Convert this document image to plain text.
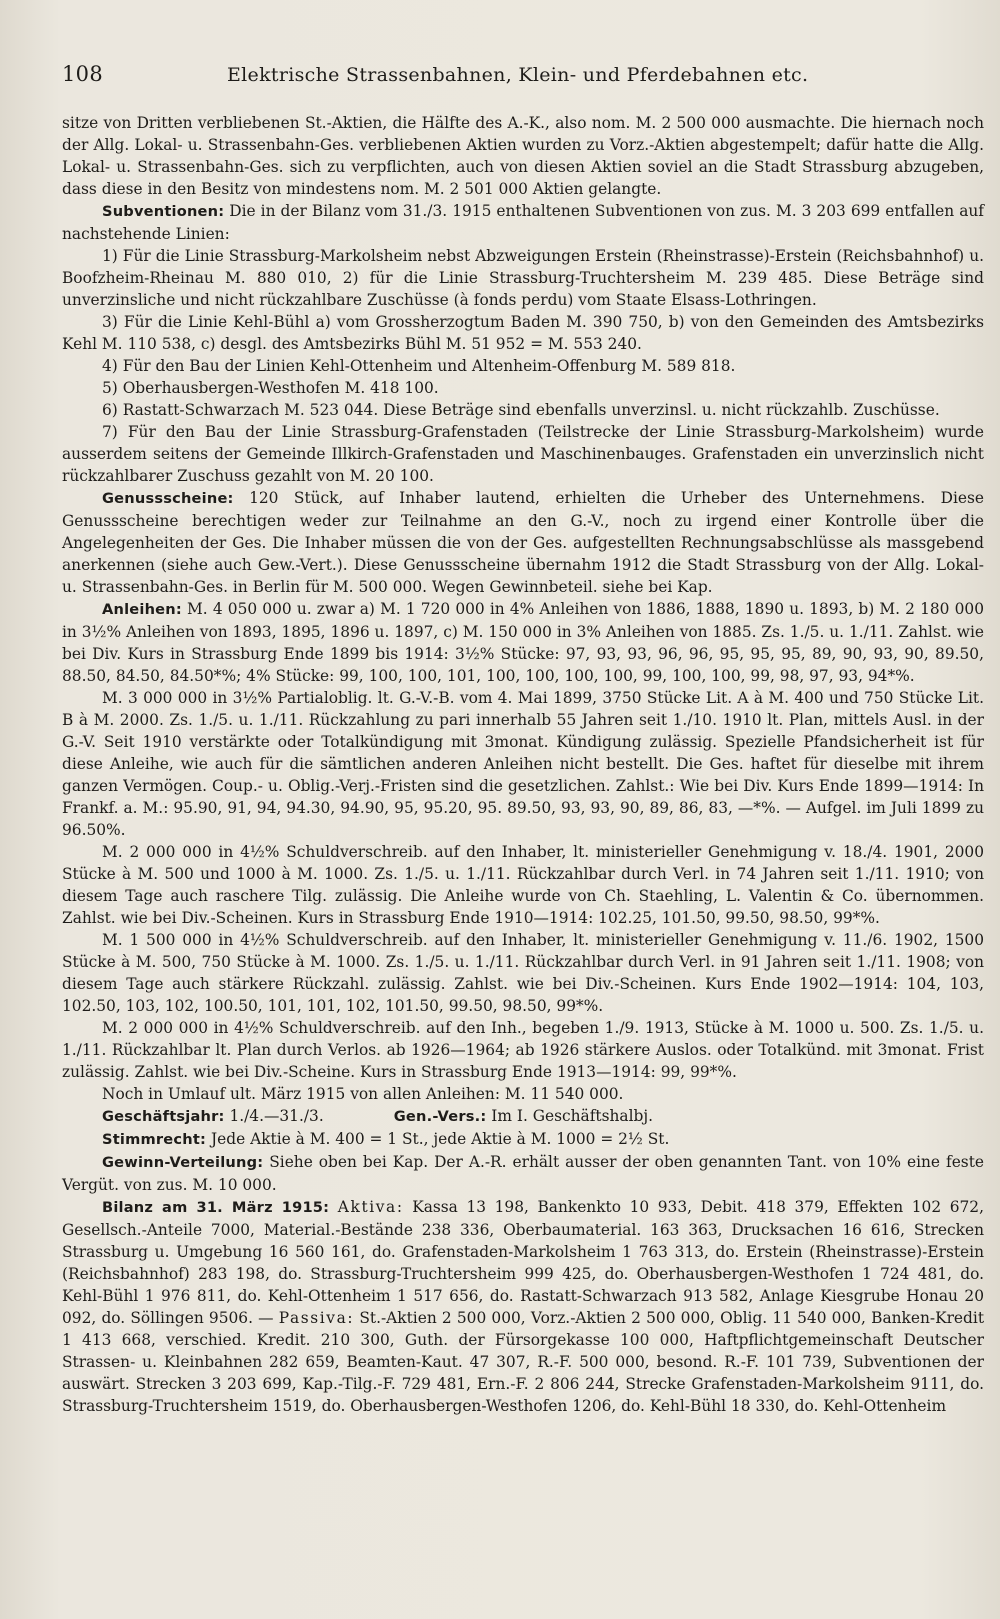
108	Elektrische Strassenbahnen, Klein- und Pferdebahnen etc.

sitze von Dritten verbliebenen St.-Aktien, die Hälfte des A.-K., also nom. M. 2 500 000 ausmachte. Die hiernach noch der Allg. Lokal- u. Strassenbahn-Ges. verbliebenen Aktien wurden zu Vorz.-Aktien abgestempelt; dafür hatte die Allg. Lokal- u. Strassenbahn-Ges. sich zu verpflichten, auch von diesen Aktien soviel an die Stadt Strassburg abzugeben, dass diese in den Besitz von mindestens nom. M. 2 501 000 Aktien gelangte.

Subventionen: Die in der Bilanz vom 31./3. 1915 enthaltenen Subventionen von zus. M. 3 203 699 entfallen auf nachstehende Linien:

1) Für die Linie Strassburg-Markolsheim nebst Abzweigungen Erstein (Rheinstrasse)-Erstein (Reichsbahnhof) u. Boofzheim-Rheinau M. 880 010, 2) für die Linie Strassburg-Truchtersheim M. 239 485. Diese Beträge sind unverzinsliche und nicht rückzahlbare Zuschüsse (à fonds perdu) vom Staate Elsass-Lothringen.

3) Für die Linie Kehl-Bühl a) vom Grossherzogtum Baden M. 390 750, b) von den Gemeinden des Amtsbezirks Kehl M. 110 538, c) desgl. des Amtsbezirks Bühl M. 51 952 = M. 553 240.

4) Für den Bau der Linien Kehl-Ottenheim und Altenheim-Offenburg M. 589 818.

5) Oberhausbergen-Westhofen M. 418 100.

6) Rastatt-Schwarzach M. 523 044. Diese Beträge sind ebenfalls unverzinsl. u. nicht rückzahlb. Zuschüsse.

7) Für den Bau der Linie Strassburg-Grafenstaden (Teilstrecke der Linie Strassburg-Markolsheim) wurde ausserdem seitens der Gemeinde Illkirch-Grafenstaden und Maschinenbauges. Grafenstaden ein unverzinslich nicht rückzahlbarer Zuschuss gezahlt von M. 20 100.

Genussscheine: 120 Stück, auf Inhaber lautend, erhielten die Urheber des Unternehmens. Diese Genussscheine berechtigen weder zur Teilnahme an den G.-V., noch zu irgend einer Kontrolle über die Angelegenheiten der Ges. Die Inhaber müssen die von der Ges. aufgestellten Rechnungsabschlüsse als massgebend anerkennen (siehe auch Gew.-Vert.). Diese Genussscheine übernahm 1912 die Stadt Strassburg von der Allg. Lokal- u. Strassenbahn-Ges. in Berlin für M. 500 000. Wegen Gewinnbeteil. siehe bei Kap.

Anleihen: M. 4 050 000 u. zwar a) M. 1 720 000 in 4% Anleihen von 1886, 1888, 1890 u. 1893, b) M. 2 180 000 in 3½% Anleihen von 1893, 1895, 1896 u. 1897, c) M. 150 000 in 3% Anleihen von 1885. Zs. 1./5. u. 1./11. Zahlst. wie bei Div. Kurs in Strassburg Ende 1899 bis 1914: 3½% Stücke: 97, 93, 93, 96, 96, 95, 95, 95, 89, 90, 93, 90, 89.50, 88.50, 84.50, 84.50*%; 4% Stücke: 99, 100, 100, 101, 100, 100, 100, 100, 99, 100, 100, 99, 98, 97, 93, 94*%.

M. 3 000 000 in 3½% Partialoblig. lt. G.-V.-B. vom 4. Mai 1899, 3750 Stücke Lit. A à M. 400 und 750 Stücke Lit. B à M. 2000. Zs. 1./5. u. 1./11. Rückzahlung zu pari innerhalb 55 Jahren seit 1./10. 1910 lt. Plan, mittels Ausl. in der G.-V. Seit 1910 verstärkte oder Totalkündigung mit 3monat. Kündigung zulässig. Spezielle Pfandsicherheit ist für diese Anleihe, wie auch für die sämtlichen anderen Anleihen nicht bestellt. Die Ges. haftet für dieselbe mit ihrem ganzen Vermögen. Coup.- u. Oblig.-Verj.-Fristen sind die gesetzlichen. Zahlst.: Wie bei Div. Kurs Ende 1899—1914: In Frankf. a. M.: 95.90, 91, 94, 94.30, 94.90, 95, 95.20, 95. 89.50, 93, 93, 90, 89, 86, 83, —*%. — Aufgel. im Juli 1899 zu 96.50%.

M. 2 000 000 in 4½% Schuldverschreib. auf den Inhaber, lt. ministerieller Genehmigung v. 18./4. 1901, 2000 Stücke à M. 500 und 1000 à M. 1000. Zs. 1./5. u. 1./11. Rückzahlbar durch Verl. in 74 Jahren seit 1./11. 1910; von diesem Tage auch raschere Tilg. zulässig. Die Anleihe wurde von Ch. Staehling, L. Valentin & Co. übernommen. Zahlst. wie bei Div.-Scheinen. Kurs in Strassburg Ende 1910—1914: 102.25, 101.50, 99.50, 98.50, 99*%.

M. 1 500 000 in 4½% Schuldverschreib. auf den Inhaber, lt. ministerieller Genehmigung v. 11./6. 1902, 1500 Stücke à M. 500, 750 Stücke à M. 1000. Zs. 1./5. u. 1./11. Rückzahlbar durch Verl. in 91 Jahren seit 1./11. 1908; von diesem Tage auch stärkere Rückzahl. zulässig. Zahlst. wie bei Div.-Scheinen. Kurs Ende 1902—1914: 104, 103, 102.50, 103, 102, 100.50, 101, 101, 102, 101.50, 99.50, 98.50, 99*%.

M. 2 000 000 in 4½% Schuldverschreib. auf den Inh., begeben 1./9. 1913, Stücke à M. 1000 u. 500. Zs. 1./5. u. 1./11. Rückzahlbar lt. Plan durch Verlos. ab 1926—1964; ab 1926 stärkere Auslos. oder Totalkünd. mit 3monat. Frist zulässig. Zahlst. wie bei Div.-Scheine. Kurs in Strassburg Ende 1913—1914: 99, 99*%.

Noch in Umlauf ult. März 1915 von allen Anleihen: M. 11 540 000.

Geschäftsjahr: 1./4.—31./3.	Gen.-Vers.: Im I. Geschäftshalbj.

Stimmrecht: Jede Aktie à M. 400 = 1 St., jede Aktie à M. 1000 = 2½ St.

Gewinn-Verteilung: Siehe oben bei Kap. Der A.-R. erhält ausser der oben genannten Tant. von 10% eine feste Vergüt. von zus. M. 10 000.

Bilanz am 31. März 1915: Aktiva: Kassa 13 198, Bankenkto 10 933, Debit. 418 379, Effekten 102 672, Gesellsch.-Anteile 7000, Material.-Bestände 238 336, Oberbaumaterial. 163 363, Drucksachen 16 616, Strecken Strassburg u. Umgebung 16 560 161, do. Grafenstaden-Markolsheim 1 763 313, do. Erstein (Rheinstrasse)-Erstein (Reichsbahnhof) 283 198, do. Strassburg-Truchtersheim 999 425, do. Oberhausbergen-Westhofen 1 724 481, do. Kehl-Bühl 1 976 811, do. Kehl-Ottenheim 1 517 656, do. Rastatt-Schwarzach 913 582, Anlage Kiesgrube Honau 20 092, do. Söllingen 9506. — Passiva: St.-Aktien 2 500 000, Vorz.-Aktien 2 500 000, Oblig. 11 540 000, Banken-Kredit 1 413 668, verschied. Kredit. 210 300, Guth. der Fürsorgekasse 100 000, Haftpflichtgemeinschaft Deutscher Strassen- u. Kleinbahnen 282 659, Beamten-Kaut. 47 307, R.-F. 500 000, besond. R.-F. 101 739, Subventionen der auswärt. Strecken 3 203 699, Kap.-Tilg.-F. 729 481, Ern.-F. 2 806 244, Strecke Grafenstaden-Markolsheim 9111, do. Strassburg-Truchtersheim 1519, do. Oberhausbergen-Westhofen 1206, do. Kehl-Bühl 18 330, do. Kehl-Ottenheim
